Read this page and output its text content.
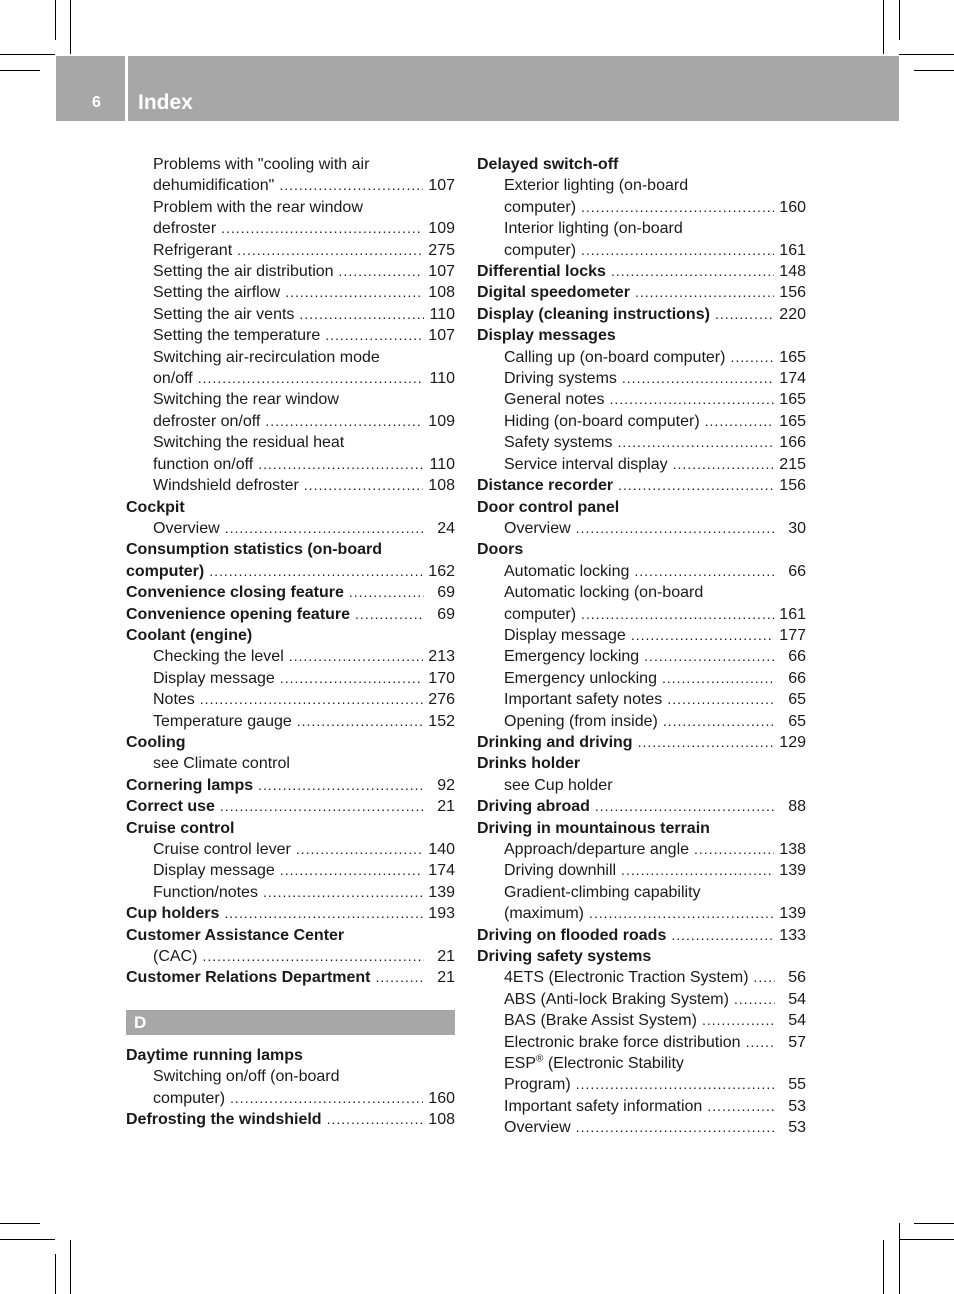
6 Index
Problems with "cooling with air
dehumidification" .....	107
Problem with the rear window
defroster .....	109
Refrigerant .....	275
Setting the air distribution .....	107
Setting the airflow .....	108
Setting the air vents .....	110
Setting the temperature .....	107
Switching air-recirculation mode
on/off .....	110
Switching the rear window
defroster on/off .....	109
Switching the residual heat
function on/off .....	110
Windshield defroster .....	108
Cockpit
Overview .....	24
Consumption statistics (on-board
computer) .....	162
Convenience closing feature .....	69
Convenience opening feature .....	69
Coolant (engine)
Checking the level .....	213
Display message .....	170
Notes .....	276
Temperature gauge .....	152
Cooling
see Climate control
Cornering lamps .....	92
Correct use .....	21
Cruise control
Cruise control lever .....	140
Display message .....	174
Function/notes .....	139
Cup holders .....	193
Customer Assistance Center
(CAC) .....	21
Customer Relations Department .....	21
D
Daytime running lamps
Switching on/off (on-board
computer) .....	160
Defrosting the windshield .....	108
Delayed switch-off
Exterior lighting (on-board
computer) .....	160
Interior lighting (on-board
computer) .....	161
Differential locks .....	148
Digital speedometer .....	156
Display (cleaning instructions) .....	220
Display messages
Calling up (on-board computer) .....	165
Driving systems .....	174
General notes .....	165
Hiding (on-board computer) .....	165
Safety systems .....	166
Service interval display .....	215
Distance recorder .....	156
Door control panel
Overview .....	30
Doors
Automatic locking .....	66
Automatic locking (on-board
computer) .....	161
Display message .....	177
Emergency locking .....	66
Emergency unlocking .....	66
Important safety notes .....	65
Opening (from inside) .....	65
Drinking and driving .....	129
Drinks holder
see Cup holder
Driving abroad .....	88
Driving in mountainous terrain
Approach/departure angle .....	138
Driving downhill .....	139
Gradient-climbing capability
(maximum) .....	139
Driving on flooded roads .....	133
Driving safety systems
4ETS (Electronic Traction System) .....	56
ABS (Anti-lock Braking System) .....	54
BAS (Brake Assist System) .....	54
Electronic brake force distribution .....	57
ESP® (Electronic Stability
Program) .....	55
Important safety information .....	53
Overview .....	53
